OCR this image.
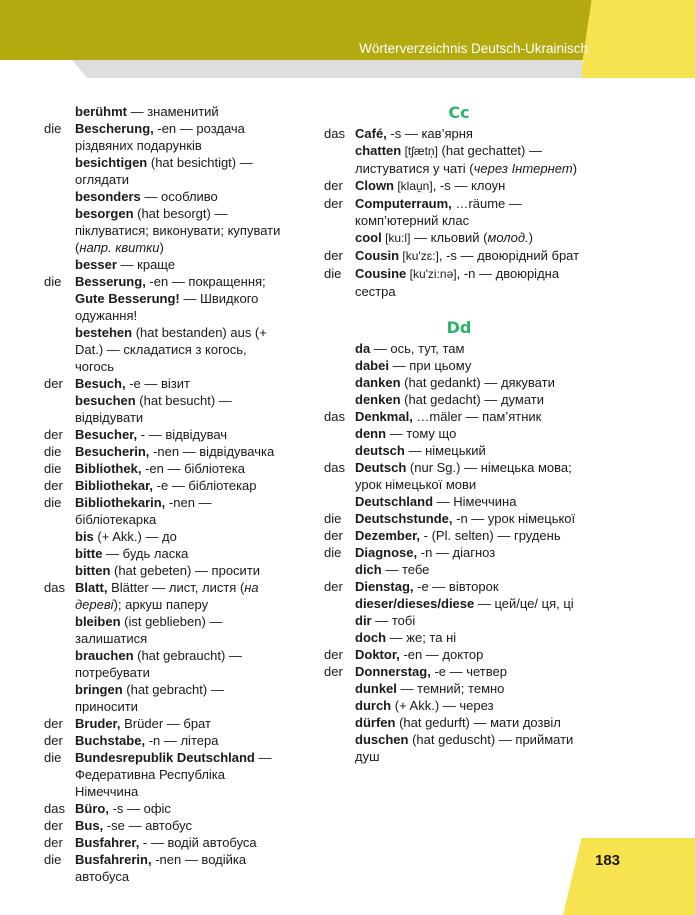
Wörterverzeichnis Deutsch-Ukrainisch
berühmt — знаменитий
die	Bescherung, -en — роздача різдвяних подарунків
besichtigen (hat besichtigt) — оглядати
besonders — особливо
besorgen (hat besorgt) — піклуватися; виконувати; купувати (напр. квитки)
besser — краще
die	Besserung, -en — покращення;
Gute Besserung! — Швидкого одужання!
bestehen (hat bestanden) aus (+ Dat.) — складатися з когось, чогось
der Besuch, -e — візит
besuchen (hat besucht) — відвідувати
der Besucher, - — відвідувач
die	Besucherin, -nen — відвідувачка
die	Bibliothek, -en — бібліотека
der Bibliothekar, -e — бібліотекар
die	Bibliothekarin, -nen — бібліотекарка
bis (+ Akk.) — до
bitte — будь ласка
bitten (hat gebeten) — просити
das Blatt, Blätter — лист, листя (на дереві); аркуш паперу
bleiben (ist geblieben) — залишатися
brauchen (hat gebraucht) — потребувати
bringen (hat gebracht) — приносити
der Bruder, Brüder — брат
der Buchstabe, -n — літера
die	Bundesrepublik Deutschland — Федеративна Республіка Німеччина
das Büro, -s — офіс
der Bus, -se — автобус
der Busfahrer, - — водій автобуса
die	Busfahrerin, -nen — водійка автобуса
Cc
das Café, -s — кав’ярня
chatten [tʃætn̩] (hat gechattet) — листуватися у чаті (через Інтернет)
der Clown [klau̯n], -s — клоун
der Computerraum, …räume — комп’ютерний клас
cool [ku:l] — кльовий (молод.)
der Cousin [ku'zɛ:], -s — двоюрідний брат
die	Cousine [ku'zi:nə], -n — двоюрідна сестра
Dd
da — ось, тут, там
dabei — при цьому
danken (hat gedankt) — дякувати
denken (hat gedacht) — думати
das Denkmal, …mäler — пам’ятник
denn — тому що
deutsch — німецький
das Deutsch (nur Sg.) — німецька мова; урок німецької мови
Deutschland — Німеччина
die	Deutschstunde, -n — урок німецької
der Dezember, - (Pl. selten) — грудень
die	Diagnose, -n — діагноз
dich — тебе
der Dienstag, -e — вівторок
dieser/dieses/diese — цей/це/ ця, ці
dir — тобі
doch — же; та ні
der Doktor, -en — доктор
der Donnerstag, -e — четвер
dunkel — темний; темно
durch (+ Akk.) — через
dürfen (hat gedurft) — мати дозвіл
duschen (hat geduscht) — приймати душ
183
